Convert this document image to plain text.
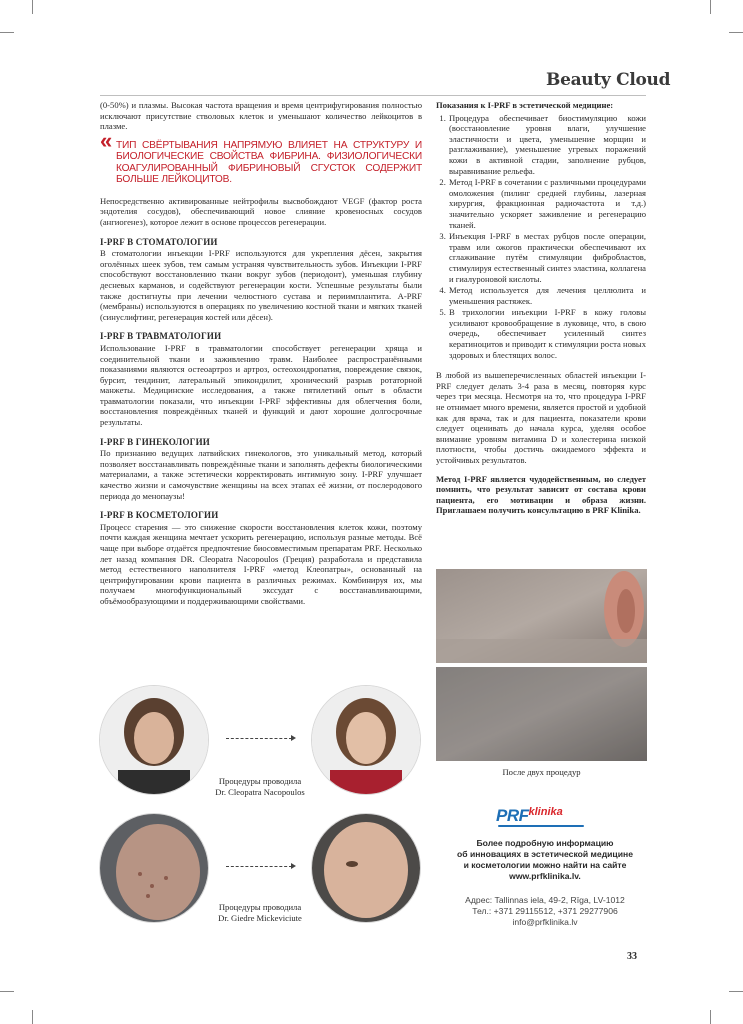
Beauty Cloud

(0-50%) и плазмы. Высокая частота вращения и время центрифугирования полностью исключают присутствие стволовых клеток и уменьшают количество лейкоцитов в плазме.

« ТИП СВЁРТЫВАНИЯ НАПРЯМУЮ ВЛИЯЕТ НА СТРУКТУРУ И БИОЛОГИЧЕСКИЕ СВОЙСТВА ФИБРИНА. ФИЗИОЛОГИЧЕСКИ КОАГУЛИРОВАННЫЙ ФИБРИНОВЫЙ СГУСТОК СОДЕРЖИТ БОЛЬШЕ ЛЕЙКОЦИТОВ.

Непосредственно активированные нейтрофилы высвобождают VEGF (фактор роста эндотелия сосудов), обеспечивающий новое слияние кровеносных сосудов (ангиогенез), которое лежит в основе процессов регенерации.

I-PRF В СТОМАТОЛОГИИ

В стоматологии инъекции I-PRF используются для укрепления дёсен, закрытия оголённых шеек зубов, тем самым устраняя чувствительность зубов. Инъекции I-PRF способствуют восстановлению ткани вокруг зубов (периодонт), уменьшая глубину десневых карманов, и содействуют регенерации кости. Успешные результаты были также достигнуты при лечении челюстного сустава и периимплантита. A-PRF (мембраны) используются в операциях по увеличению костной ткани и мягких тканей (синуслифтинг, регенерация костей или дёсен).

I-PRF В ТРАВМАТОЛОГИИ

Использование I-PRF в травматологии способствует регенерации хряща и соединительной ткани и заживлению травм. Наиболее распространёнными показаниями являются остеоартроз и артроз, остеохондропатия, повреждение связок, бурсит, тендинит, латеральный эпикондилит, хронический разрыв ротаторной манжеты. Медицинские исследования, а также пятилетний опыт в области травматологии показали, что инъекции I-PRF эффективны для облегчения боли, восстановления повреждённых тканей и функций и дают хорошие долгосрочные результаты.

I-PRF В ГИНЕКОЛОГИИ

По признанию ведущих латвийских гинекологов, это уникальный метод, который позволяет восстанавливать повреждённые ткани и заполнять дефекты биологическими материалами, а также эстетически корректировать интимную зону. I-PRF улучшает качество жизни и самочувствие женщины на всех этапах её жизни, от послеродового периода до менопаузы!

I-PRF В КОСМЕТОЛОГИИ

Процесс старения — это снижение скорости восстановления клеток кожи, поэтому почти каждая женщина мечтает ускорить регенерацию, используя разные методы. Всё чаще при выборе отдаётся предпочтение биосовместимым препаратам PRF. Несколько лет назад компания DR. Cleopatra Nacopoulos (Греция) разработала и представила метод естественного наполнителя I-PRF «метод Клеопатры», основанный на центрифугировании крови пациента в различных режимах. Комбинируя их, мы получаем многофункциональный экссудат с восстанавливающими, объёмообразующими и поддерживающими свойствами.

Показания к I-PRF в эстетической медицине:
1. Процедура обеспечивает биостимуляцию кожи (восстановление уровня влаги, улучшение эластичности и цвета, уменьшение морщин и разглаживание), уменьшение угревых поражений кожи в активной стадии, заполнение рубцов, выравнивание рельефа.
2. Метод I-PRF в сочетании с различными процедурами омоложения (пилинг средней глубины, лазерная хирургия, фракционная радиочастота и т.д.) значительно ускоряет заживление и регенерацию тканей.
3. Инъекция I-PRF в местах рубцов после операции, травм или ожогов практически обеспечивают их сглаживание путём стимуляции фибробластов, стимулируя естественный синтез эластина, коллагена и гиалуроновой кислоты.
4. Метод используется для лечения целлюлита и уменьшения растяжек.
5. В трихологии инъекции I-PRF в кожу головы усиливают кровообращение в луковице, что, в свою очередь, обеспечивает усиленный синтез кератиноцитов и приводит к стимуляции роста новых здоровых и блестящих волос.

В любой из вышеперечисленных областей инъекции I-PRF следует делать 3-4 раза в месяц, повторяя курс через три месяца. Несмотря на то, что процедура I-PRF не отнимает много времени, является простой и удобной как для врача, так и для пациента, показатели крови следует оценивать до начала курса, уделяя особое внимание уровням витамина D и холестерина низкой плотности, чтобы достичь ожидаемого эффекта и устойчивых результатов.

Метод I-PRF является чудодейственным, но следует помнить, что результат зависит от состава крови пациента, его мотивации и образа жизни. Приглашаем получить консультацию в PRF Klinika.

После двух процедур
Процедуры проводила
Dr. Cleopatra Nacopoulos
Процедуры проводила
Dr. Giedre Mickeviciute
$PRF^{klinika}$
Более подробную информацию
об инновациях в эстетической медицине
и косметологии можно найти на сайте
www.prfklinika.lv.
Адрес: Tallinnas iela, 49-2, Rīga, LV-1012
Тел.: +371 29115512, +371 29277906
info@prfklinika.lv
33
